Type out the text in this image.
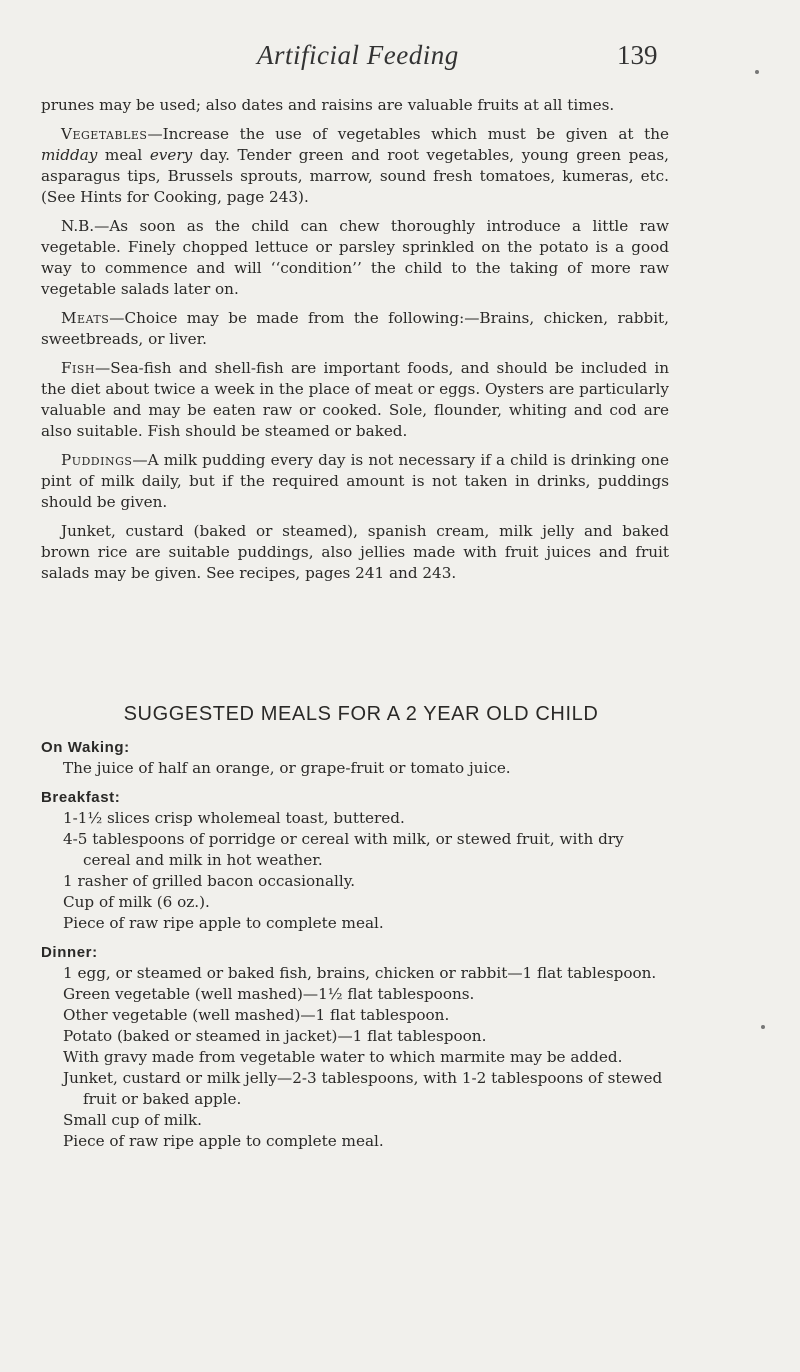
Artificial Feeding	139

prunes may be used; also dates and raisins are valuable fruits at all times.

Vegetables—Increase the use of vegetables which must be given at the midday meal every day. Tender green and root vegetables, young green peas, asparagus tips, Brussels sprouts, marrow, sound fresh tomatoes, kumeras, etc. (See Hints for Cooking, page 243).

N.B.—As soon as the child can chew thoroughly introduce a little raw vegetable. Finely chopped lettuce or parsley sprinkled on the potato is a good way to commence and will ‘‘condition’’ the child to the taking of more raw vegetable salads later on.

Meats—Choice may be made from the following:—Brains, chicken, rabbit, sweetbreads, or liver.

Fish—Sea-fish and shell-fish are important foods, and should be included in the diet about twice a week in the place of meat or eggs. Oysters are particularly valuable and may be eaten raw or cooked. Sole, flounder, whiting and cod are also suitable. Fish should be steamed or baked.

Puddings—A milk pudding every day is not necessary if a child is drinking one pint of milk daily, but if the required amount is not taken in drinks, puddings should be given.

Junket, custard (baked or steamed), spanish cream, milk jelly and baked brown rice are suitable puddings, also jellies made with fruit juices and fruit salads may be given. See recipes, pages 241 and 243.

SUGGESTED MEALS FOR A 2 YEAR OLD CHILD

On Waking:

The juice of half an orange, or grape-fruit or tomato juice.

Breakfast:

1-1½ slices crisp wholemeal toast, buttered.

4-5 tablespoons of porridge or cereal with milk, or stewed fruit, with dry cereal and milk in hot weather.

1 rasher of grilled bacon occasionally.

Cup of milk (6 oz.).

Piece of raw ripe apple to complete meal.

Dinner:

1 egg, or steamed or baked fish, brains, chicken or rabbit—1 flat tablespoon.

Green vegetable (well mashed)—1½ flat tablespoons.

Other vegetable (well mashed)—1 flat tablespoon.

Potato (baked or steamed in jacket)—1 flat tablespoon.

With gravy made from vegetable water to which marmite may be added.

Junket, custard or milk jelly—2-3 tablespoons, with 1-2 tablespoons of stewed fruit or baked apple.

Small cup of milk.

Piece of raw ripe apple to complete meal.
